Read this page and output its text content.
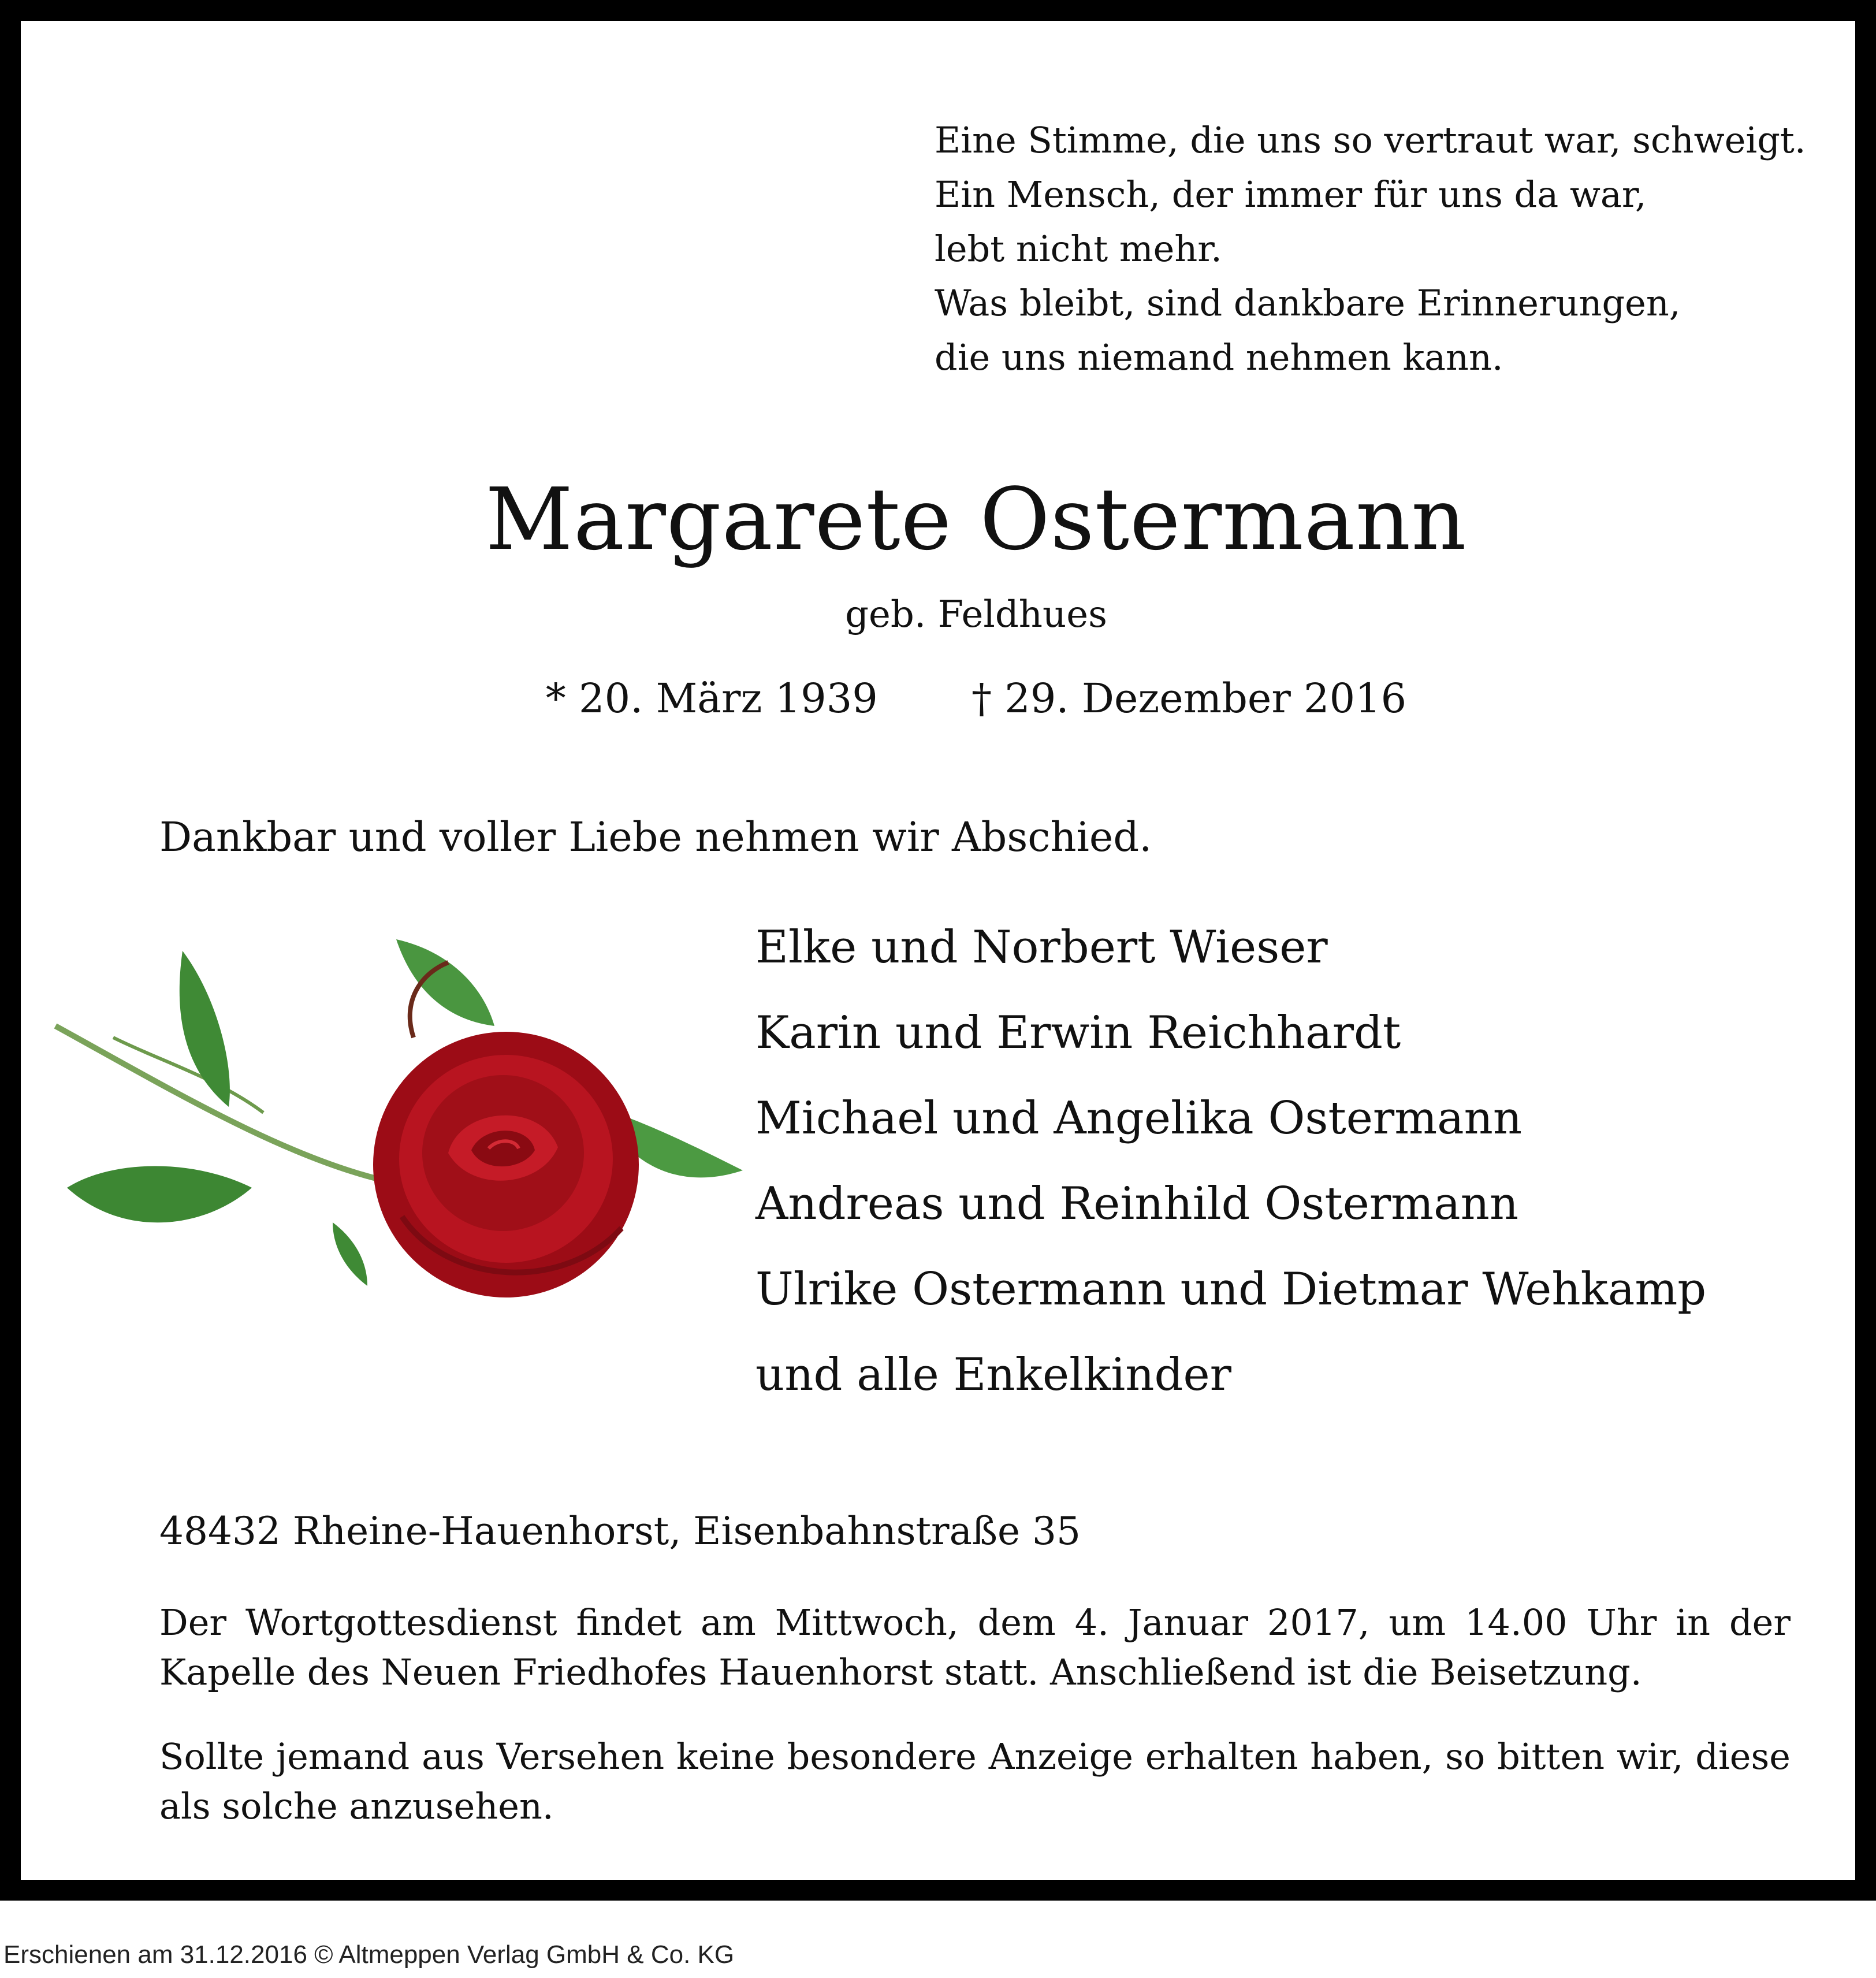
Eine Stimme, die uns so vertraut war, schweigt.
Ein Mensch, der immer für uns da war,
lebt nicht mehr.
Was bleibt, sind dankbare Erinnerungen,
die uns niemand nehmen kann.
Margarete Ostermann
geb. Feldhues
* 20. März 1939 † 29. Dezember 2016
Dankbar und voller Liebe nehmen wir Abschied.
Elke und Norbert Wieser
Karin und Erwin Reichhardt
Michael und Angelika Ostermann
Andreas und Reinhild Ostermann
Ulrike Ostermann und Dietmar Wehkamp
und alle Enkelkinder
48432 Rheine-Hauenhorst, Eisenbahnstraße 35
Der Wortgottesdienst findet am Mittwoch, dem 4. Januar 2017, um 14.00 Uhr in der Kapelle des Neuen Friedhofes Hauenhorst statt. Anschließend ist die Beisetzung.
Sollte jemand aus Versehen keine besondere Anzeige erhalten haben, so bitten wir, diese als solche anzusehen.
Erschienen am 31.12.2016 © Altmeppen Verlag GmbH & Co. KG
